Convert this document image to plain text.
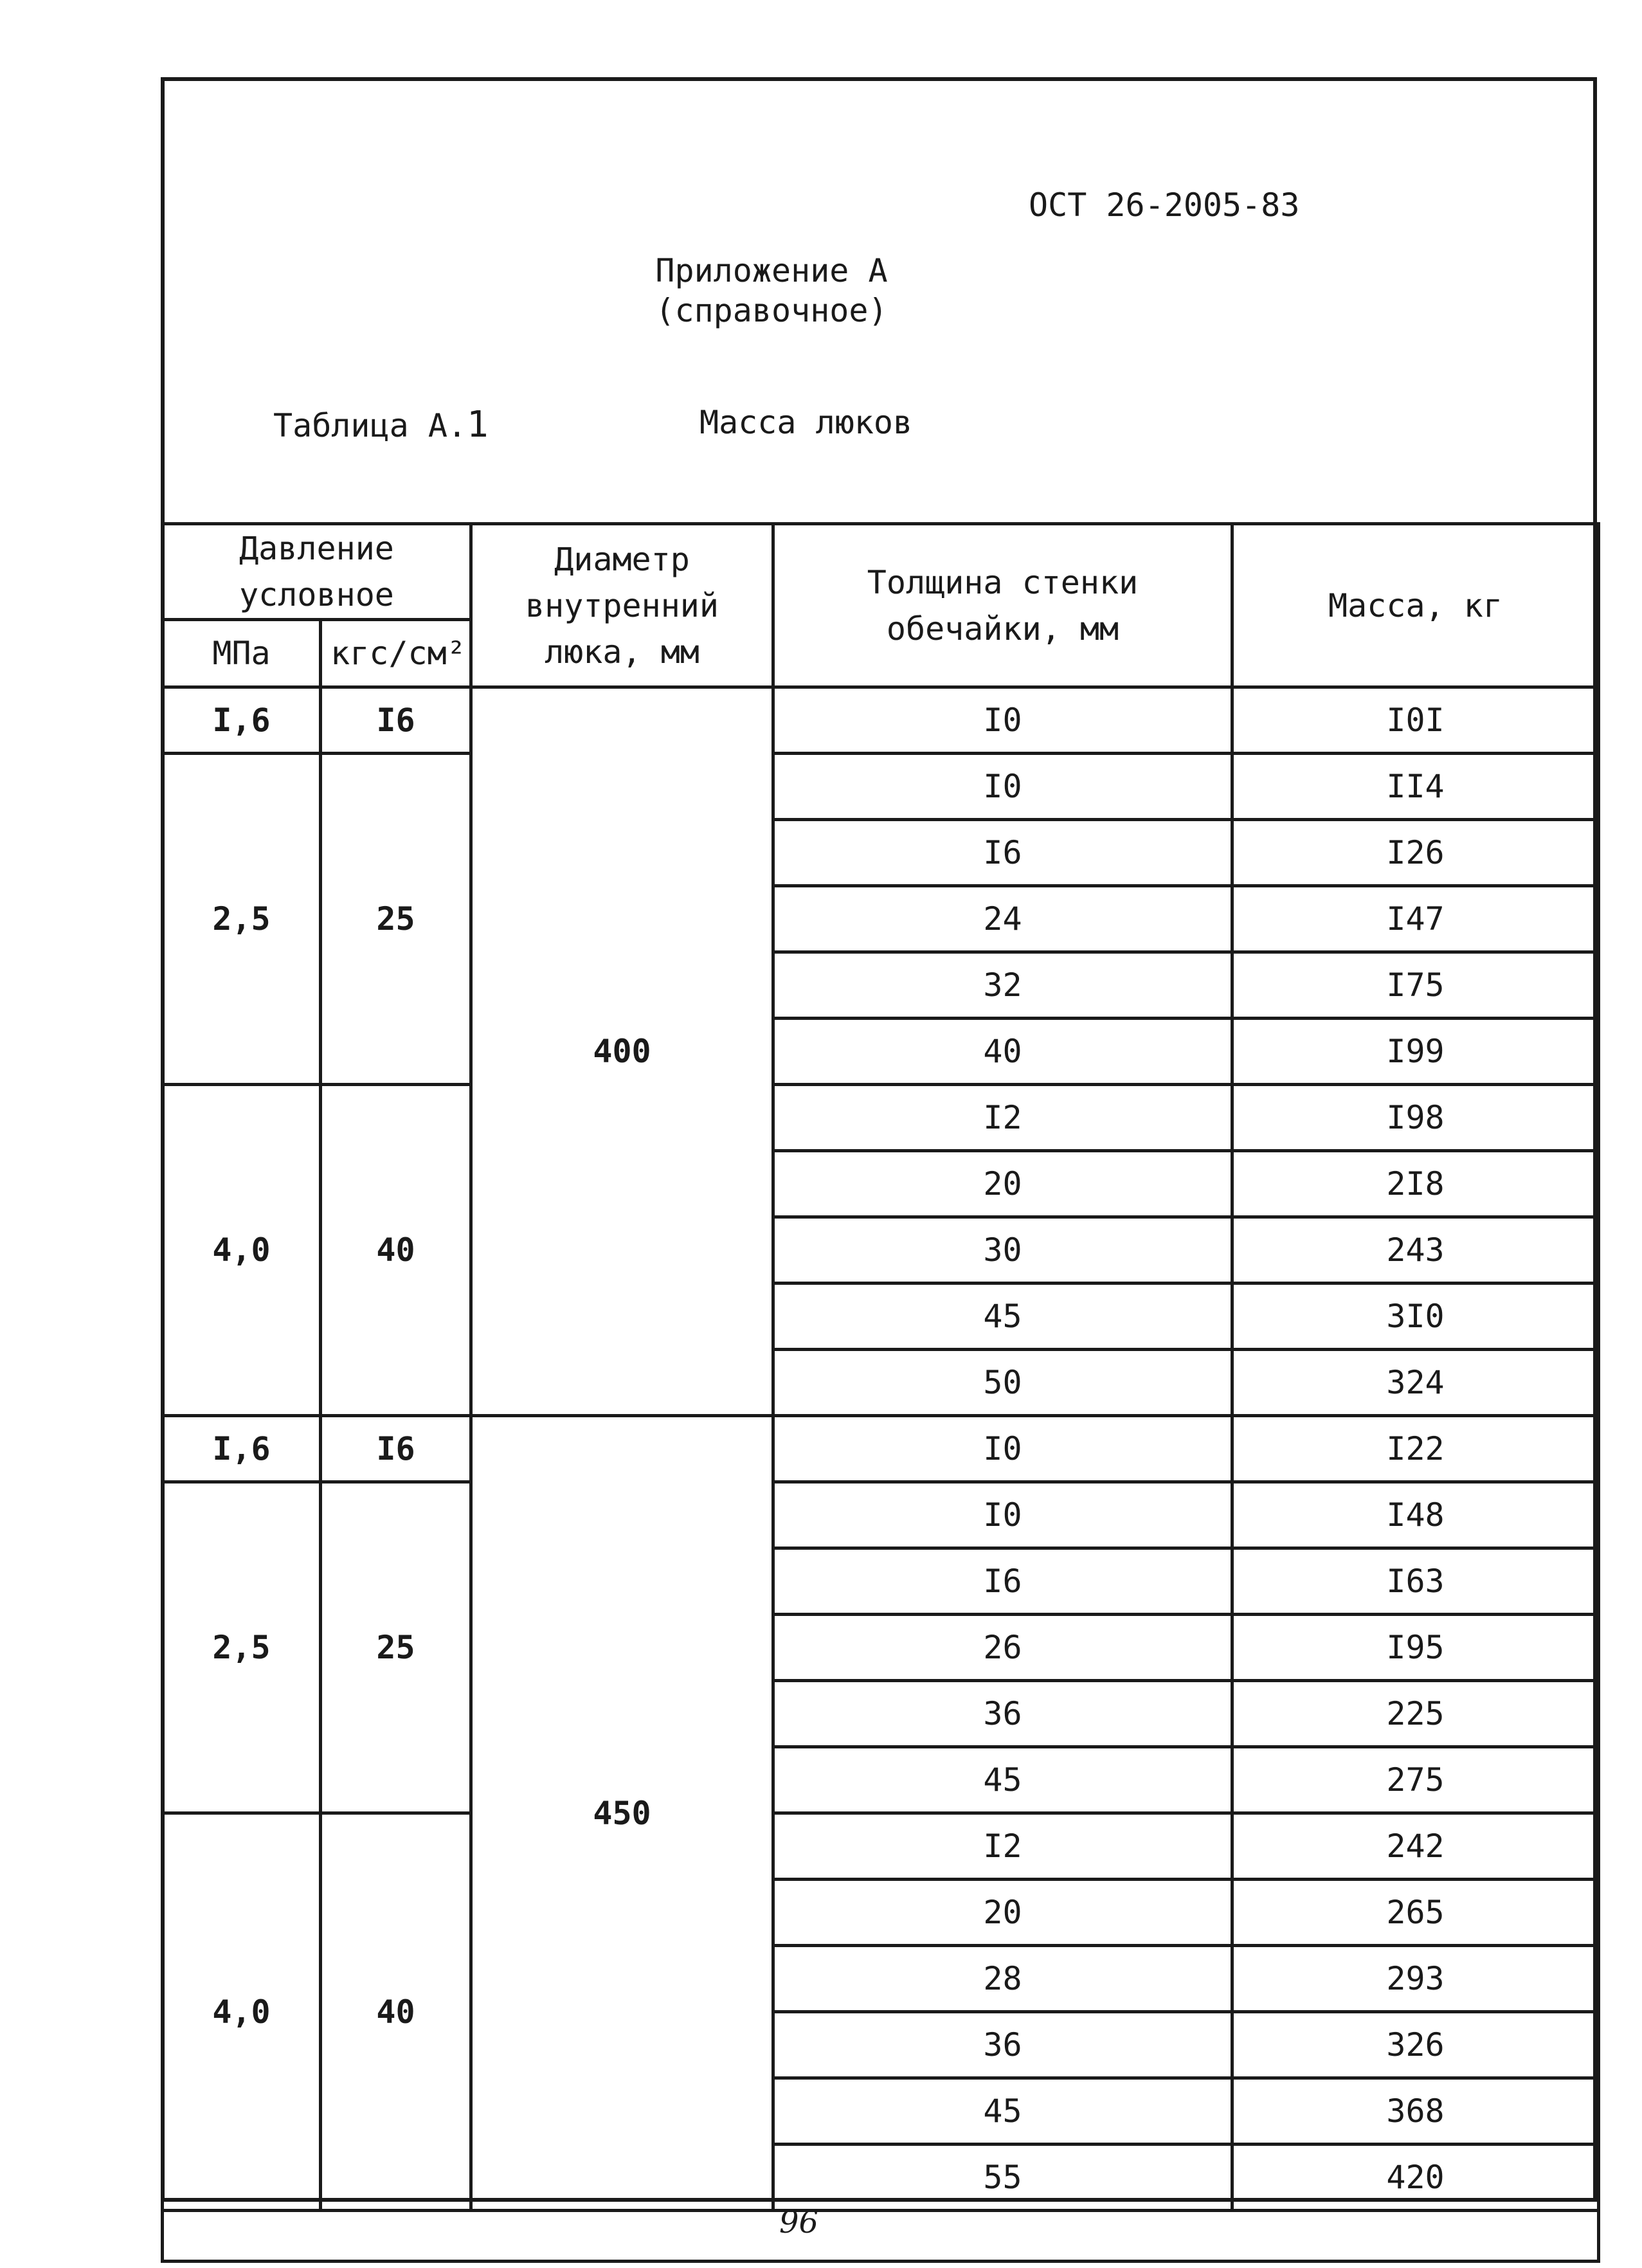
ОСТ 26-2005-83
Приложение А
(справочное)
Таблица А.1	Масса люков
Давление условное		Диаметр внутренний люка, мм	Толщина стенки обечайки, мм	Масса, кг
МПа	кгс/см²			
I,6	I6	400	I0	I0I
2,5	25		I0	II4
			I6	I26
			24	I47
			32	I75
			40	I99
4,0	40		I2	I98
			20	2I8
			30	243
			45	3I0
			50	324
I,6	I6	450	I0	I22
2,5	25		I0	I48
			I6	I63
			26	I95
			36	225
			45	275
4,0	40		I2	242
			20	265
			28	293
			36	326
			45	368
			55	420

96
